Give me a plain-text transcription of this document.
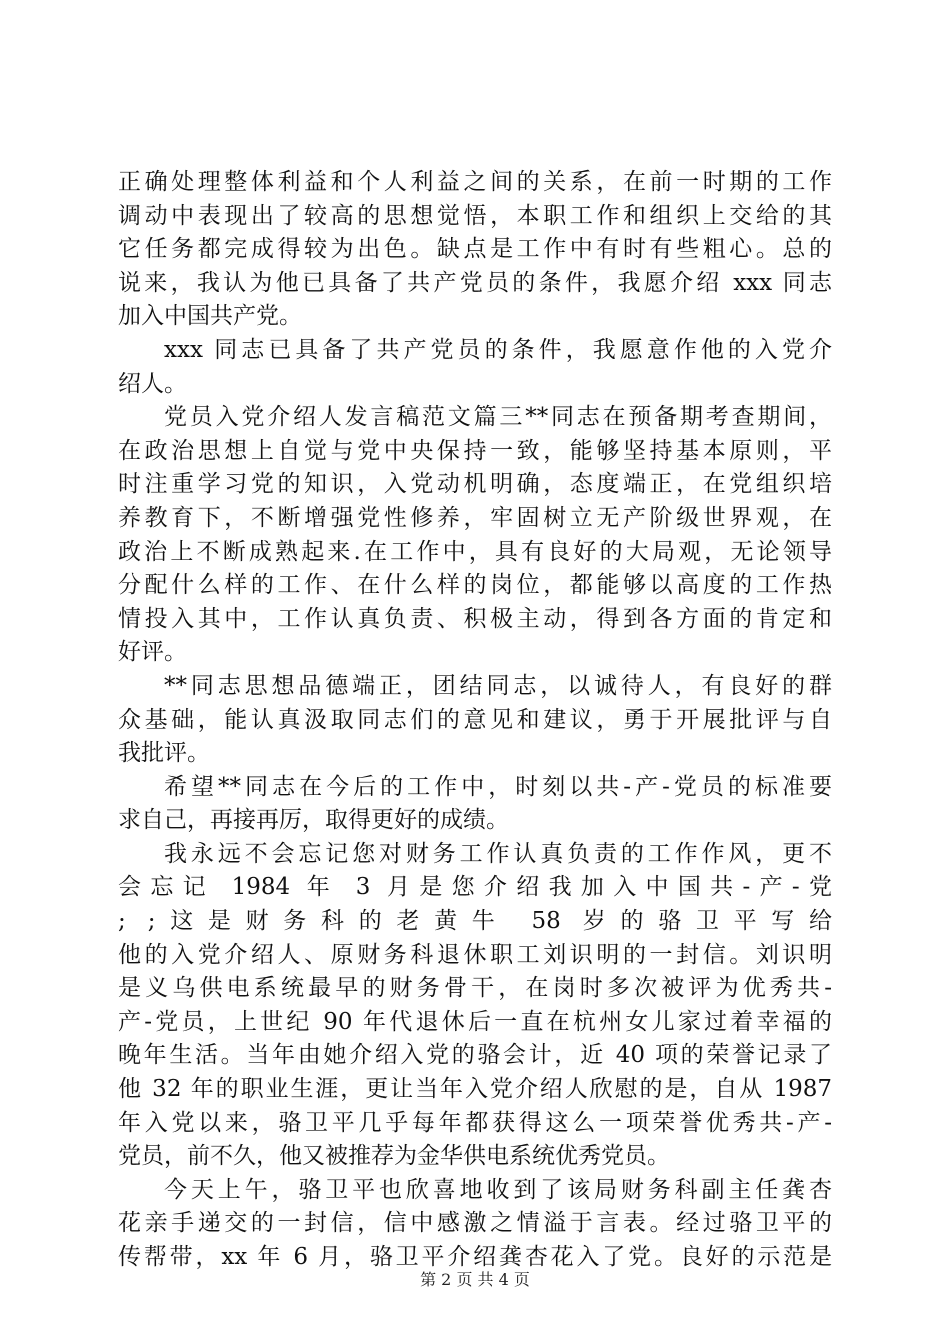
正确处理整体利益和个人利益之间的关系，在前一时期的工作
调动中表现出了较高的思想觉悟，本职工作和组织上交给的其
它任务都完成得较为出色。缺点是工作中有时有些粗心。总的
说来，我认为他已具备了共产党员的条件，我愿介绍 xxx 同志
加入中国共产党。
xxx 同志已具备了共产党员的条件，我愿意作他的入党介
绍人。
党员入党介绍人发言稿范文篇三**同志在预备期考查期间，
在政治思想上自觉与党中央保持一致，能够坚持基本原则，平
时注重学习党的知识，入党动机明确，态度端正，在党组织培
养教育下，不断增强党性修养，牢固树立无产阶级世界观，在
政治上不断成熟起来.在工作中，具有良好的大局观，无论领导
分配什么样的工作、在什么样的岗位，都能够以高度的工作热
情投入其中，工作认真负责、积极主动，得到各方面的肯定和
好评。
**同志思想品德端正，团结同志，以诚待人，有良好的群
众基础，能认真汲取同志们的意见和建议，勇于开展批评与自
我批评。
希望**同志在今后的工作中，时刻以共-产-党员的标准要
求自己，再接再厉，取得更好的成绩。
我永远不会忘记您对财务工作认真负责的工作作风，更不
会忘记 1984 年 3 月是您介绍我加入中国共-产-党
; ;这是财务科的老黄牛 58 岁的骆卫平写给
他的入党介绍人、原财务科退休职工刘识明的一封信。刘识明
是义乌供电系统最早的财务骨干，在岗时多次被评为优秀共-
产-党员，上世纪 90 年代退休后一直在杭州女儿家过着幸福的
晚年生活。当年由她介绍入党的骆会计，近 40 项的荣誉记录了
他 32 年的职业生涯，更让当年入党介绍人欣慰的是，自从 1987
年入党以来，骆卫平几乎每年都获得这么一项荣誉优秀共-产-
党员，前不久，他又被推荐为金华供电系统优秀党员。
今天上午，骆卫平也欣喜地收到了该局财务科副主任龚杏
花亲手递交的一封信，信中感激之情溢于言表。经过骆卫平的
传帮带，xx 年 6 月，骆卫平介绍龚杏花入了党。良好的示范是
第 2 页 共 4 页
